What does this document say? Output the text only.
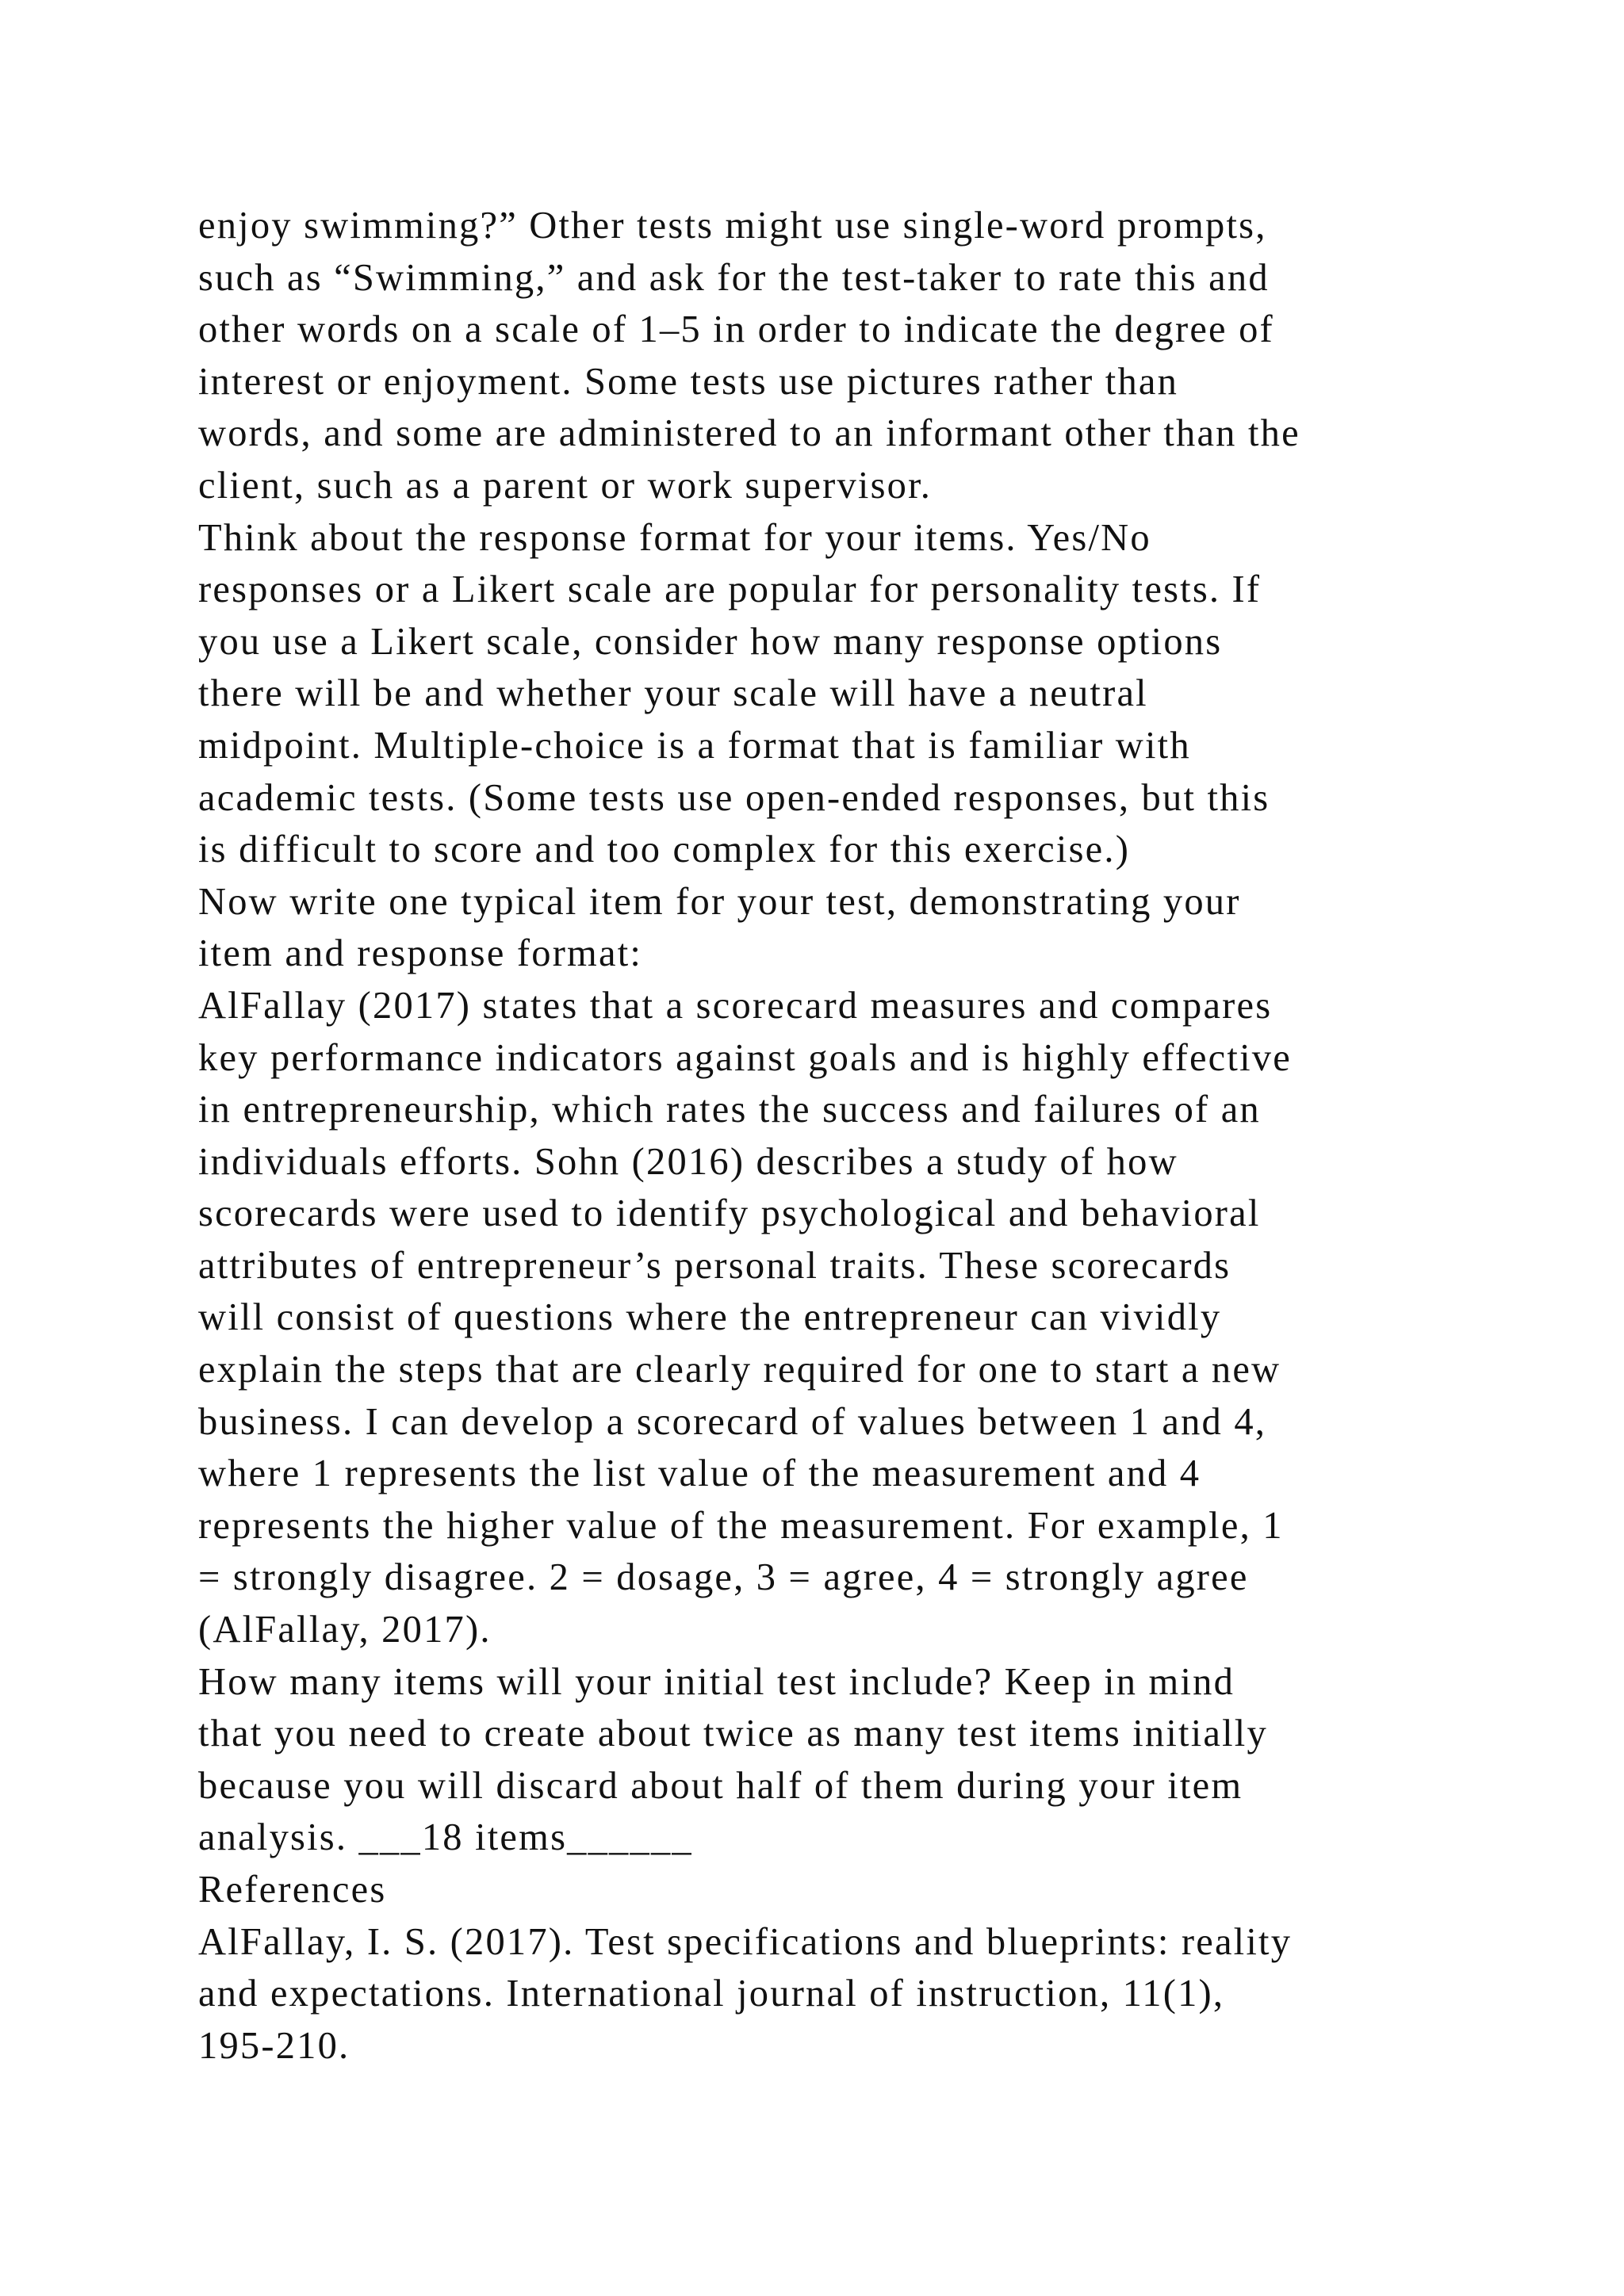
enjoy swimming?” Other tests might use single-word prompts,
such as “Swimming,” and ask for the test-taker to rate this and
other words on a scale of 1–5 in order to indicate the degree of
interest or enjoyment. Some tests use pictures rather than
words, and some are administered to an informant other than the
client, such as a parent or work supervisor.
Think about the response format for your items. Yes/No
responses or a Likert scale are popular for personality tests. If
you use a Likert scale, consider how many response options
there will be and whether your scale will have a neutral
midpoint. Multiple-choice is a format that is familiar with
academic tests. (Some tests use open-ended responses, but this
is difficult to score and too complex for this exercise.)
Now write one typical item for your test, demonstrating your
item and response format:
AlFallay (2017) states that a scorecard measures and compares
key performance indicators against goals and is highly effective
in entrepreneurship, which rates the success and failures of an
individuals efforts. Sohn (2016) describes a study of how
scorecards were used to identify psychological and behavioral
attributes of entrepreneur’s personal traits. These scorecards
will consist of questions where the entrepreneur can vividly
explain the steps that are clearly required for one to start a new
business. I can develop a scorecard of values between 1 and 4,
where 1 represents the list value of the measurement and 4
represents the higher value of the measurement. For example, 1
= strongly disagree. 2 = dosage, 3 = agree, 4 = strongly agree
(AlFallay, 2017).
How many items will your initial test include? Keep in mind
that you need to create about twice as many test items initially
because you will discard about half of them during your item
analysis. ___18 items______
References
AlFallay, I. S. (2017). Test specifications and blueprints: reality
and expectations. International journal of instruction, 11(1),
195-210.
